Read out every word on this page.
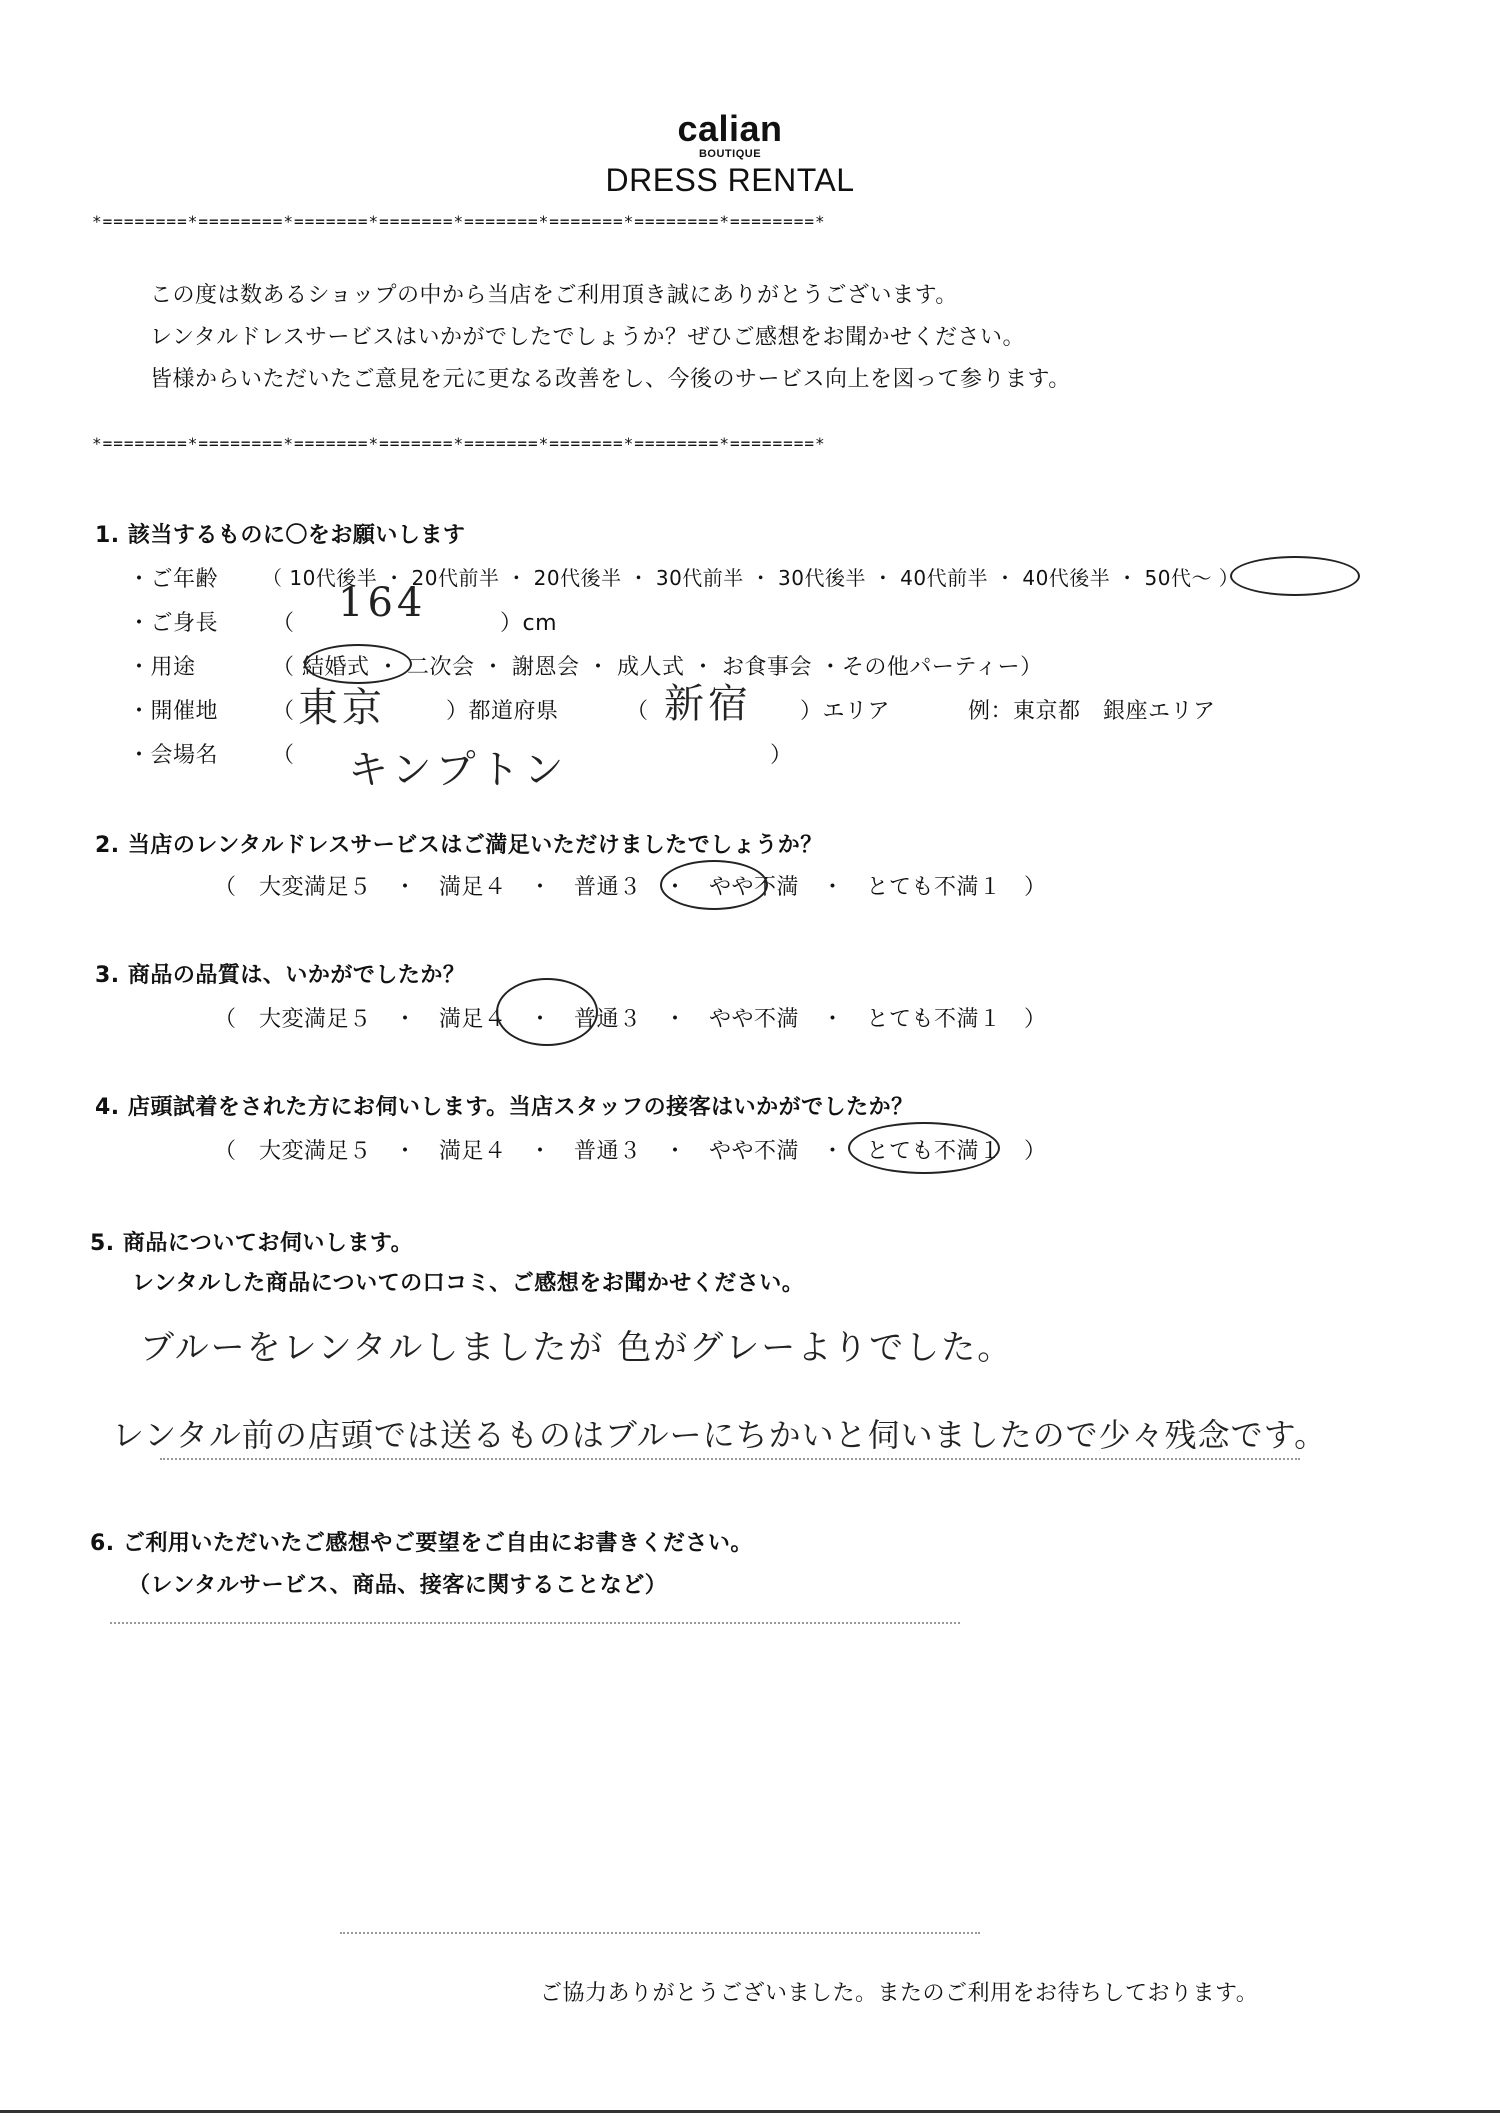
calian
BOUTIQUE
DRESS RENTAL
*========*========*=======*=======*=======*=======*========*========*
この度は数あるショップの中から当店をご利用頂き誠にありがとうございます。
レンタルドレスサービスはいかがでしたでしょうか？ぜひご感想をお聞かせください。
皆様からいただいたご意見を元に更なる改善をし、今後のサービス向上を図って参ります。
*========*========*=======*=======*=======*=======*========*========*
1. 該当するものに〇をお願いします
・ご年齢 （ 10代後半 ・ 20代前半 ・ 20代後半 ・ 30代前半 ・ 30代後半 ・ 40代前半 ・ 40代後半 ・ 50代〜 ）
・ご身長 （ 164	）cm
・用途	（ 結婚式 ・ 二次会 ・ 謝恩会 ・ 成人式 ・ お食事会 ・その他パーティー）
・開催地 （ 東京	）都道府県	（ 新宿 ）エリア	例：東京都　銀座エリア
・会場名 （ キンプトン	）
2. 当店のレンタルドレスサービスはご満足いただけましたでしょうか？
（　大変満足５　・　満足４　・　普通３　・　やや不満　・　とても不満１　）
3. 商品の品質は、いかがでしたか？
（　大変満足５　・　満足４　・　普通３　・　やや不満　・　とても不満１　）
4. 店頭試着をされた方にお伺いします。当店スタッフの接客はいかがでしたか？
（　大変満足５　・　満足４　・　普通３　・　やや不満　・　とても不満１　）
5. 商品についてお伺いします。
レンタルした商品についての口コミ、ご感想をお聞かせください。
ブルーをレンタルしましたが 色がグレーよりでした。
レンタル前の店頭では送るものはブルーにちかいと伺いましたので少々残念です。
6. ご利用いただいたご感想やご要望をご自由にお書きください。
（レンタルサービス、商品、接客に関することなど）
ご協力ありがとうございました。またのご利用をお待ちしております。
